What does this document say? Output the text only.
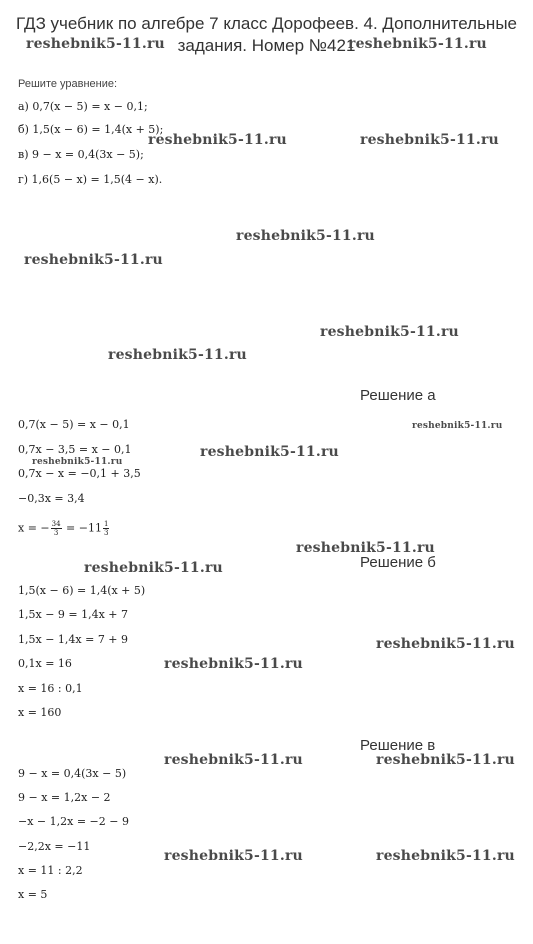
ГДЗ учебник по алгебре 7 класс Дорофеев. 4. Дополнительные
задания. Номер №421
Решите уравнение:
а) 0,7(x − 5) = x − 0,1;
б) 1,5(x − 6) = 1,4(x + 5);
в) 9 − x = 0,4(3x − 5);
г) 1,6(5 − x) = 1,5(4 − x).
Решение а
0,7(x − 5) = x − 0,1
0,7x − 3,5 = x − 0,1
0,7x − x = −0,1 + 3,5
−0,3x = 3,4
x = − $\frac{34}{3} = -11 \frac{1}{3}$
Решение б
1,5(x − 6) = 1,4(x + 5)
1,5x − 9 = 1,4x + 7
1,5x − 1,4x = 7 + 9
0,1x = 16
x = 16 : 0,1
x = 160
Решение в
9 − x = 0,4(3x − 5)
9 − x = 1,2x − 2
−x − 1,2x = −2 − 9
−2,2x = −11
x = 11 : 2,2
x = 5
reshebnik5-11.ru	reshebnik5-11.ru
reshebnik5-11.ru	reshebnik5-11.ru
reshebnik5-11.ru
reshebnik5-11.ru
reshebnik5-11.ru
reshebnik5-11.ru
reshebnik5-11.ru
reshebnik5-11.ru
reshebnik5-11.ru
reshebnik5-11.ru
reshebnik5-11.ru
reshebnik5-11.ru
reshebnik5-11.ru
reshebnik5-11.ru	reshebnik5-11.ru
reshebnik5-11.ru	reshebnik5-11.ru
